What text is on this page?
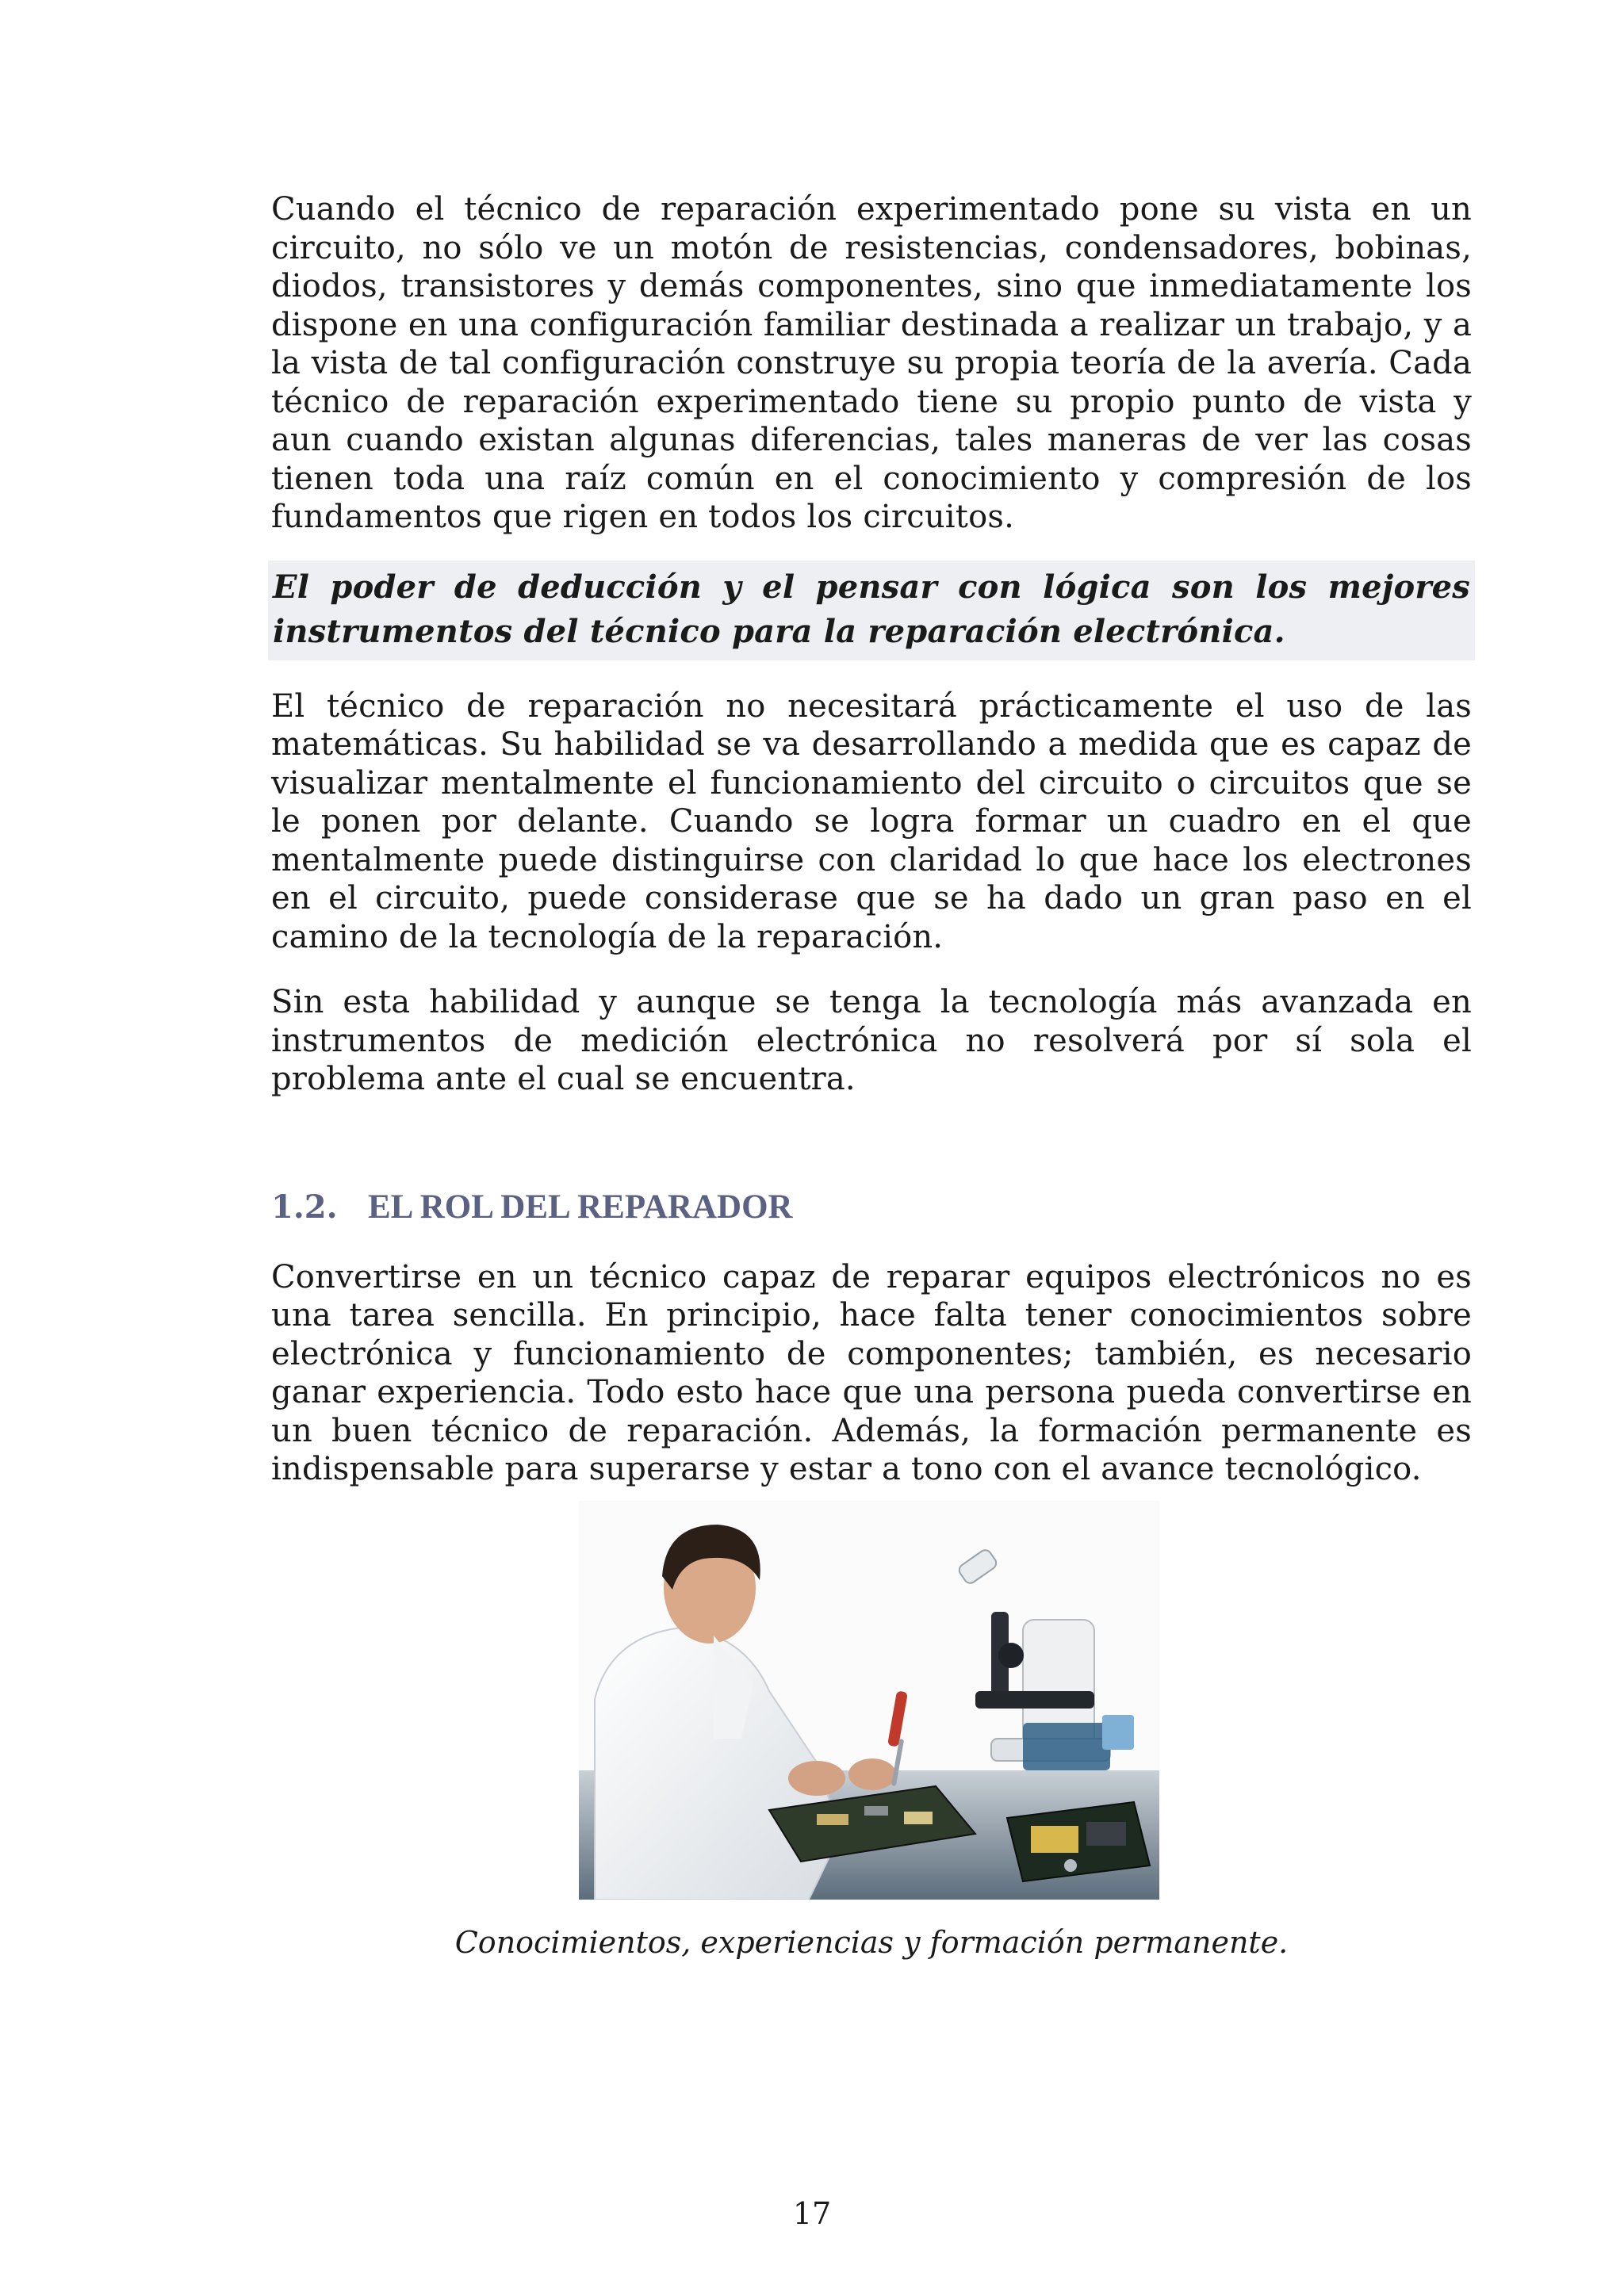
Cuando el técnico de reparación experimentado pone su vista en un circuito, no sólo ve un motón de resistencias, condensadores, bobinas, diodos, transistores y demás componentes, sino que inmediatamente los dispone en una configuración familiar destinada a realizar un trabajo, y a la vista de tal configuración construye su propia teoría de la avería. Cada técnico de reparación experimentado tiene su propio punto de vista y aun cuando existan algunas diferencias, tales maneras de ver las cosas tienen toda una raíz común en el conocimiento y compresión de los fundamentos que rigen en todos los circuitos.

El poder de deducción y el pensar con lógica son los mejores instrumentos del técnico para la reparación electrónica.

El técnico de reparación no necesitará prácticamente el uso de las matemáticas. Su habilidad se va desarrollando a medida que es capaz de visualizar mentalmente el funcionamiento del circuito o circuitos que se le ponen por delante. Cuando se logra formar un cuadro en el que mentalmente puede distinguirse con claridad lo que hace los electrones en el circuito, puede considerase que se ha dado un gran paso en el camino de la tecnología de la reparación.

Sin esta habilidad y aunque se tenga la tecnología más avanzada en instrumentos de medición electrónica no resolverá por sí sola el problema ante el cual se encuentra.

1.2. EL ROL DEL REPARADOR

Convertirse en un técnico capaz de reparar equipos electrónicos no es una tarea sencilla. En principio, hace falta tener conocimientos sobre electrónica y funcionamiento de componentes; también, es necesario ganar experiencia. Todo esto hace que una persona pueda convertirse en un buen técnico de reparación. Además, la formación permanente es indispensable para superarse y estar a tono con el avance tecnológico.

Conocimientos, experiencias y formación permanente.
17
